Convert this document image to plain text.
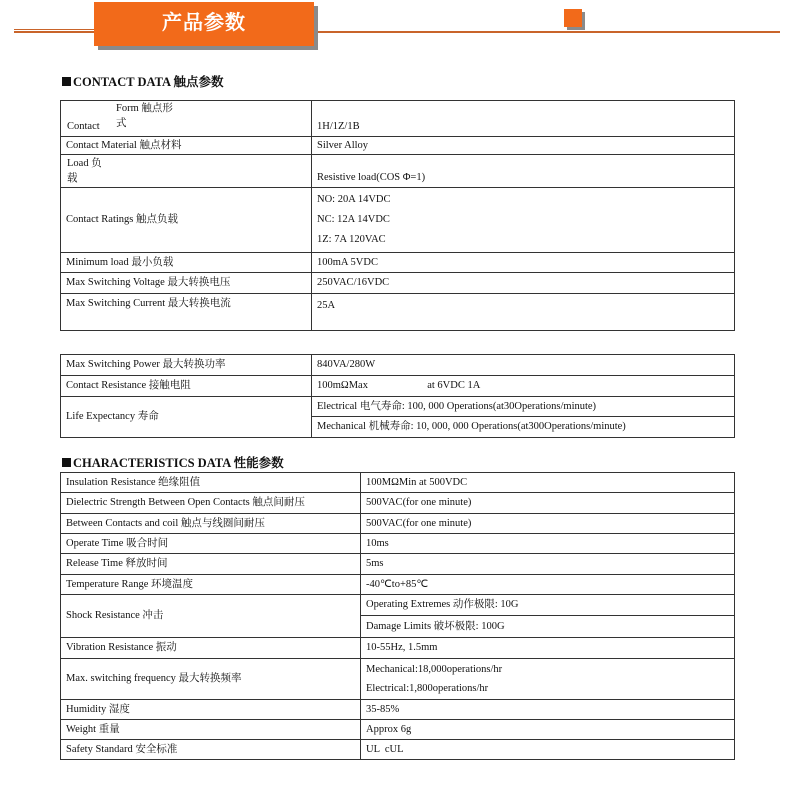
产品参数
CONTACT DATA 触点参数
Form 触点形
Contact 式	1H/1Z/1B
Contact Material 触点材料	Silver Alloy

Load 负
载	Resistive load(COS Φ=1)
Contact Ratings 触点负载	NO: 20A 14VDC
NC: 12A 14VDC
1Z: 7A 120VAC

Minimum load 最小负载	100mA 5VDC
Max Switching Voltage 最大转换电压	250VAC/16VDC
Max Switching Current 最大转换电流	25A
Max Switching Power 最大转换功率	840VA/280W
Contact Resistance 接触电阻	100mΩMax at 6VDC 1A
Life Expectancy 寿命	Electrical 电气寿命: 100, 000 Operations(at30Operations/minute)
Mechanical 机械寿命: 10, 000, 000 Operations(at300Operations/minute)
CHARACTERISTICS DATA 性能参数
Insulation Resistance 绝缘阻值	100MΩMin at 500VDC
Dielectric Strength Between Open Contacts 触点间耐压	500VAC(for one minute)
Between Contacts and coil 触点与线圈间耐压	500VAC(for one minute)
Operate Time 吸合时间	10ms
Release Time 释放时间	5ms
Temperature Range 环境温度	-40℃to+85℃
Shock Resistance 冲击	Operating Extremes 动作极限: 10G
Damage Limits 破坏极限: 100G

Vibration Resistance 振动	10-55Hz, 1.5mm
Max. switching frequency 最大转换频率	Mechanical:18,000operations/hr
Electrical:1,800operations/hr

Humidity 湿度	35-85%
Weight 重量	Approx 6g
Safety Standard 安全标准	UL  cUL
